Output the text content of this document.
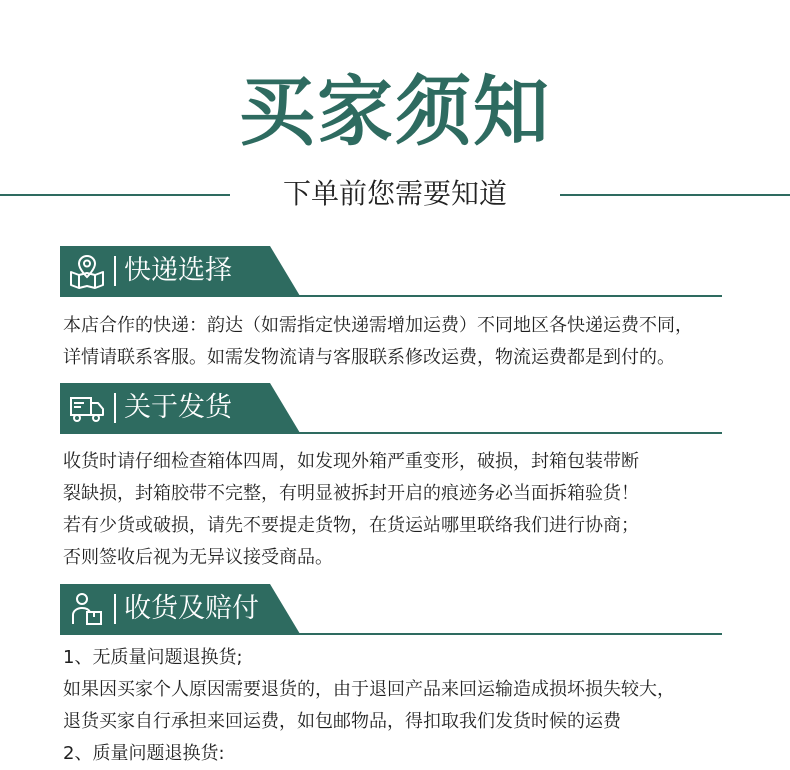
买家须知
下单前您需要知道
快递选择

本店合作的快递：韵达（如需指定快递需增加运费）不同地区各快递运费不同，

详情请联系客服。如需发物流请与客服联系修改运费，物流运费都是到付的。

关于发货

收货时请仔细检查箱体四周，如发现外箱严重变形，破损，封箱包装带断

裂缺损，封箱胶带不完整，有明显被拆封开启的痕迹务必当面拆箱验货！

若有少货或破损，请先不要提走货物，在货运站哪里联络我们进行协商；

否则签收后视为无异议接受商品。

收货及赔付

1、无质量问题退换货;

如果因买家个人原因需要退货的，由于退回产品来回运输造成损坏损失较大，

退货买家自行承担来回运费，如包邮物品，得扣取我们发货时候的运费

2、质量问题退换货:
